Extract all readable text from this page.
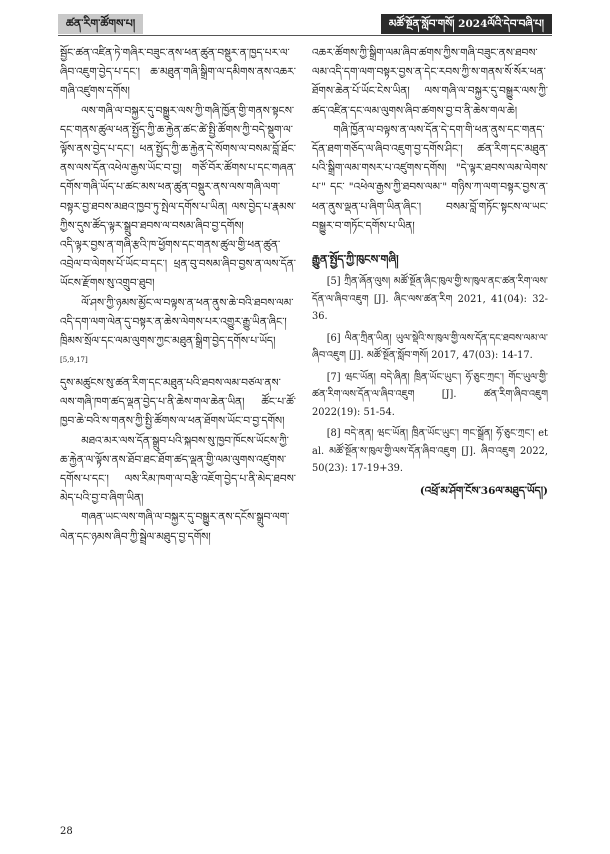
ཚན་རིག་ཚོགས་པ།	མཚོ་སྔོན་སློབ་གསོ། 2024ལོའི་དེབ་བཞི་པ།

སྦྱོང་ཚན་འཛིན་ཏེ་གཞིར་བཟུང་ནས་ཕན་ཚུན་བསྡུར་ན་ཁྱད་པར་ལ་ཞིབ་འཇུག་བྱེད་པ་དང་། ཆ་མཐུན་གཞི་སྒྲིག་ལ་དམིགས་ནས་འཆར་གཞི་འཛུགས་དགོས།

ལས་གཞི་ལ་བསྐྱར་དུ་བསྒྱུར་ལས་ཀྱི་གཞི་ཁྱོན་གྱི་གནས་སྟངས་དང་གནས་ཚུལ་ཕན་སྤྱོད་ཀྱི་ཆ་རྐྱེན་ཚང་ཚེ་སྤྱི་ཚོགས་ཀྱི་བདེ་སྡུག་ལ་ལྟོས་ནས་བྱེད་པ་དང་། ཕན་སྤྱོད་ཀྱི་ཆ་རྐྱེན་དེ་སོགས་ལ་བསམ་བློ་ཐོང་ནས་ལས་དོན་འཕེལ་རྒྱས་ཡོང་བ་བྱ། གཙོ་བོར་ཚོགས་པ་དང་གཞན་དགོས་གཞི་ཡོད་པ་ཚང་མས་ཕན་ཚུན་བསྡུར་ནས་ལས་གཞི་ལག་བསྟར་བྱ་ཐབས་མཐའ་ཁྱབ་ཏུ་སྤེལ་དགོས་པ་ཡིན། ལས་བྱེད་པ་རྣམས་ཀྱིས་དུས་ཚོད་ལྟར་སྒྲུབ་ཐབས་ལ་བསམ་ཞིབ་བྱ་དགོས།

འདི་ལྟར་བྱས་ན་གཞི་རྩའི་ཁ་ཕྱོགས་དང་གནས་ཚུལ་གྱི་ཕན་ཚུན་འབྲེལ་བ་ལེགས་པོ་ཡོང་བ་དང་། ཕྲན་བུ་བསམ་ཞིབ་བྱས་ན་ལས་དོན་ཡོངས་རྫོགས་སུ་འགྲུབ་ཐུབ།

ལོ་ཤས་ཀྱི་ཉམས་མྱོང་ལ་བལྟས་ན་ཕན་ནུས་ཆེ་བའི་ཐབས་ལམ་འདི་དག་ལག་ལེན་དུ་བསྟར་ན་ཆེས་ལེགས་པར་འགྱུར་རྒྱུ་ཡིན་ཞིང་། ཁྲིམས་སྲོལ་དང་ལམ་ལུགས་ཀྱང་མཐུན་སྒྲིག་བྱེད་དགོས་པ་ཡོད།[5,9,17]

དུས་མཚུངས་སུ་ཚན་རིག་དང་མཐུན་པའི་ཐབས་ལམ་བཙལ་ནས་ལས་གཞི་ཁག་ཚད་ལྡན་བྱེད་པ་ནི་ཆེས་གལ་ཆེན་ཡིན། ཚོང་པ་ཚོ་ཁྱབ་ཆེ་བའི་ས་གནས་ཀྱི་སྤྱི་ཚོགས་ལ་ཕན་ཐོགས་ཡོང་བ་བྱ་དགོས།

མཐའ་མར་ལས་དོན་སྒྲུབ་པའི་སྐབས་སུ་ཁྱབ་ཁོངས་ཡོངས་ཀྱི་ཆ་རྐྱེན་ལ་ལྟོས་ནས་ཐོབ་ཐང་ཐོག་ཚད་ལྡན་གྱི་ལམ་ལུགས་འཛུགས་དགོས་པ་དང་། ལས་རིམ་ཁག་ལ་བརྩི་འཇོག་བྱེད་པ་ནི་མེད་ཐབས་མེད་པའི་བྱ་བ་ཞིག་ཡིན།

གཞན་ཡང་ལས་གཞི་ལ་བསྐྱར་དུ་བསྒྱུར་ནས་དངོས་སྒྲུབ་ལག་ལེན་དང་ཉམས་ཞིབ་ཀྱི་སྦྲེལ་མཐུད་བྱ་དགོས།

འཆར་ཚོགས་ཀྱི་སྒྲིག་ལམ་ཞིབ་ཚགས་ཀྱིས་གཞི་བཟུང་ནས་ཐབས་ལམ་འདི་དག་ལག་བསྟར་བྱས་ན་དེང་རབས་ཀྱི་ས་གནས་སོ་སོར་ཕན་ཐོགས་ཆེན་པོ་ཡོང་ངེས་ཡིན། ལས་གཞི་ལ་བསྐྱར་དུ་བསྒྱུར་ལས་ཀྱི་ཚད་འཛིན་དང་ལམ་ལུགས་ཞིབ་ཚགས་བྱ་བ་ནི་ཆེས་གལ་ཆེ།

གཞི་ཁྱོན་ལ་བལྟས་ན་ལས་དོན་དེ་དག་གི་ཕན་ནུས་དང་གནད་དོན་ཐག་གཅོད་ལ་ཞིབ་འཇུག་བྱ་དགོས་ཤིང་། ཚན་རིག་དང་མཐུན་པའི་སྒྲིག་ལམ་གསར་པ་འཛུགས་དགོས། "དེ་ལྟར་ཐབས་ལམ་ལེགས་པ་" དང་ "འཕེལ་རྒྱས་ཀྱི་ཐབས་ལམ་" གཉིས་ཀ་ལག་བསྟར་བྱས་ན་ཕན་ནུས་ལྡན་པ་ཞིག་ཡིན་ཞིང་། བསམ་བློ་གཏོང་སྟངས་ལ་ཡང་བསྒྱུར་བ་གཏོང་དགོས་པ་ཡིན།

རྒྱུན་སྤྱོད་ཀྱི་ཁུངས་གཞི།

[5] ཀྲིན་ཞོན་ལུས། མཚོ་སྔོན་ཞིང་ཁུལ་གྱི་ས་ཁུལ་ནང་ཚན་རིག་ལས་དོན་ལ་ཞིབ་འཇུག [J]. ཞིང་ལས་ཚན་རིག 2021, 41(04): 32-36.

[6] ལིན་ཀྲིན་ཡིན། ཡུལ་སྡེའི་ས་ཁུལ་གྱི་ལས་དོན་དང་ཐབས་ལམ་ལ་ཞིབ་འཇུག [J]. མཚོ་སྔོན་སློབ་གསོ། 2017, 47(03): 14-17.

[7] ཝང་ཡོན། བདེ་ཞིན། ཁྲིན་ཡོང་ཡུང་། ཧོ་ཅུང་ཀྲང་། གོང་ཡུལ་གྱི་ཚན་རིག་ལས་དོན་ལ་ཞིབ་འཇུག [J]. ཚན་རིག་ཞིབ་འཇུག 2022(19): 51-54.

[8] བདེ་ནན། ཝང་ཡོན། ཁྲིན་ཡོང་ཡུང་། གང་སྒྲོན། ཧོ་ཅུང་ཀྲང་། et al. མཚོ་སྔོན་ས་ཁུལ་གྱི་ལས་དོན་ཞིབ་འཇུག [J]. ཞིབ་འཇུག 2022, 50(23): 17-19+39.

(འཕྲོ་མ་ཤོག་ངོས་36ལ་མཐུད་ཡོད།)

28
